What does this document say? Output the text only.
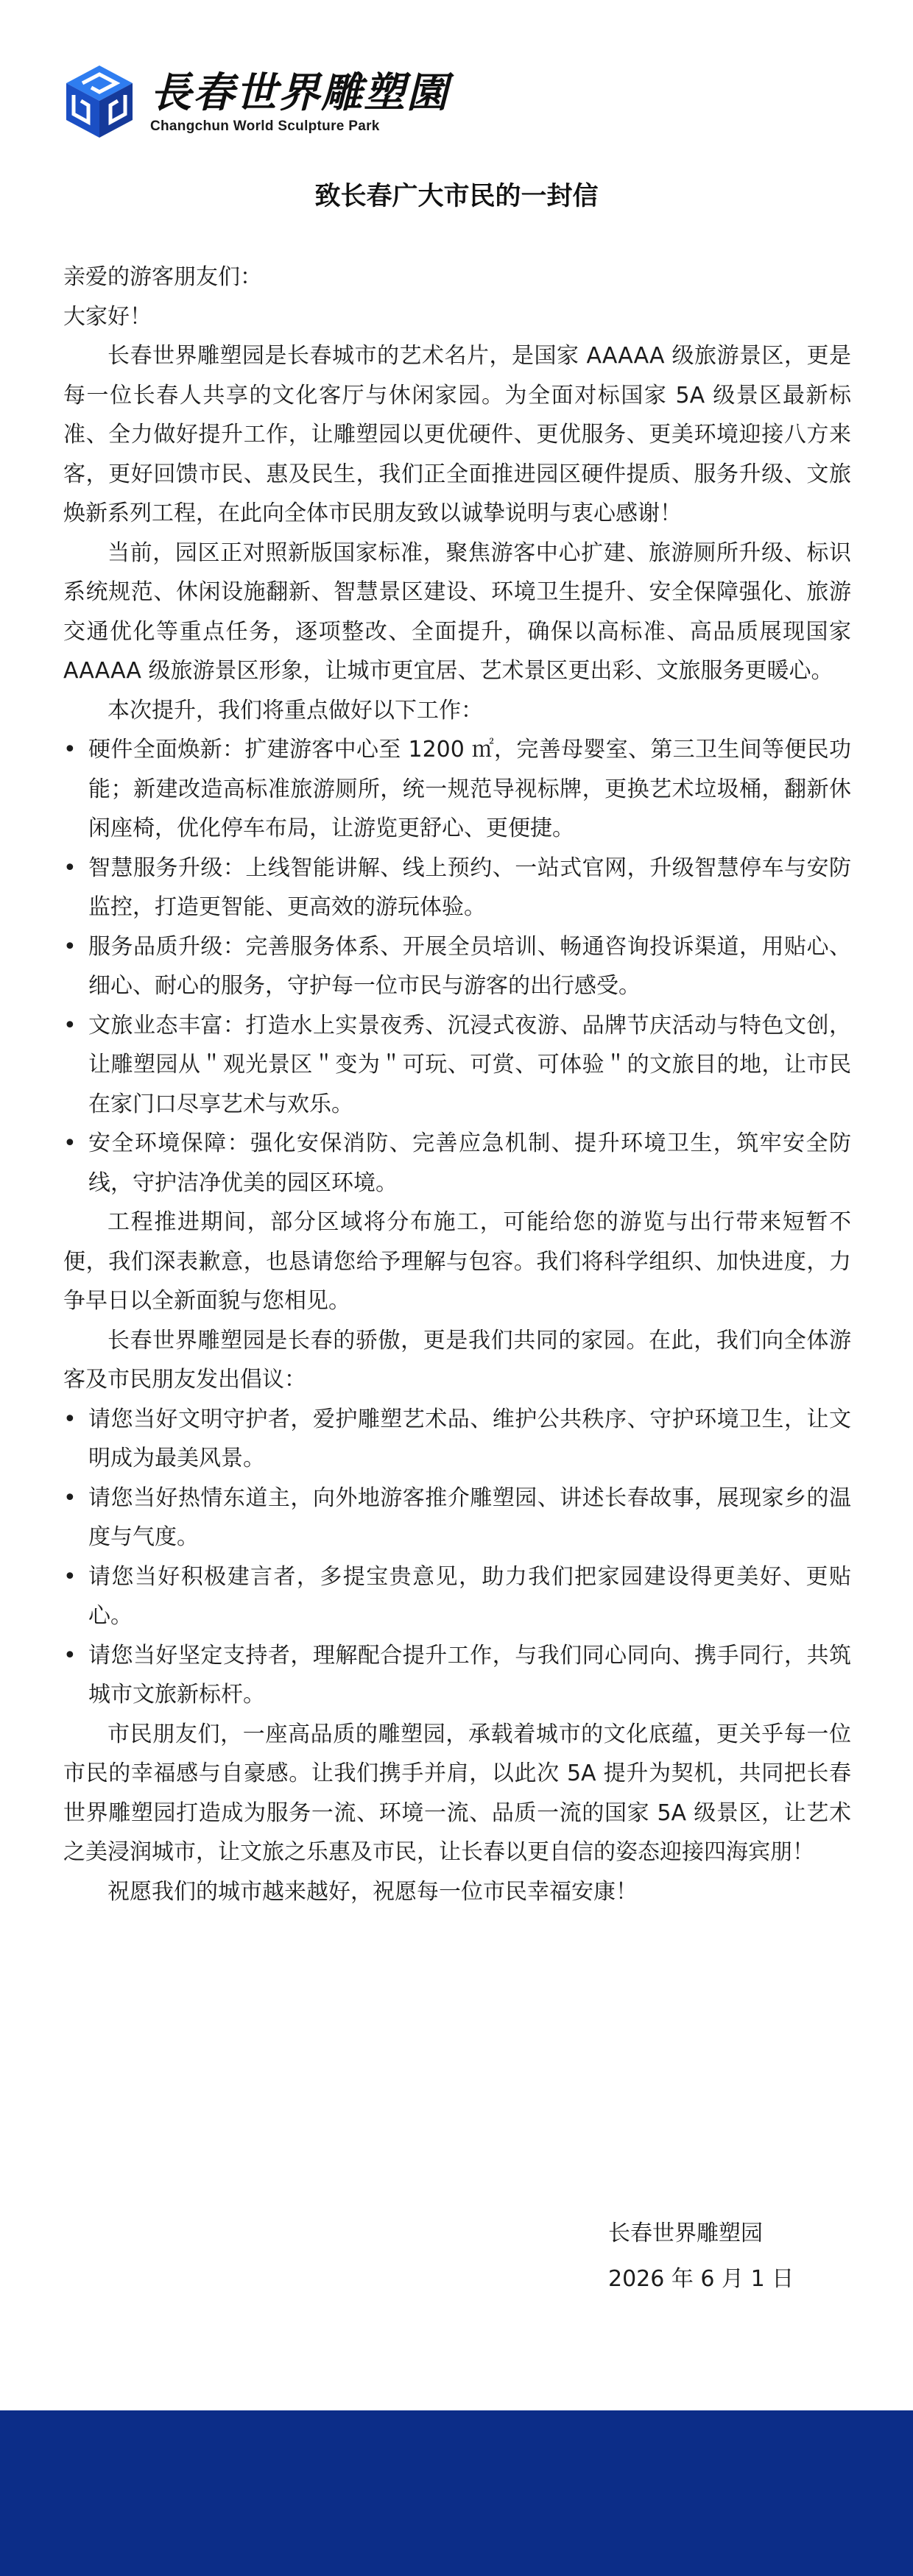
長春世界雕塑園
Changchun World Sculpture Park
致长春广大市民的一封信

亲爱的游客朋友们：

大家好！

长春世界雕塑园是长春城市的艺术名片，是国家 AAAAA 级旅游景区，更是每一位长春人共享的文化客厅与休闲家园。为全面对标国家 5A 级景区最新标准、全力做好提升工作，让雕塑园以更优硬件、更优服务、更美环境迎接八方来客，更好回馈市民、惠及民生，我们正全面推进园区硬件提质、服务升级、文旅焕新系列工程，在此向全体市民朋友致以诚挚说明与衷心感谢！

当前，园区正对照新版国家标准，聚焦游客中心扩建、旅游厕所升级、标识系统规范、休闲设施翻新、智慧景区建设、环境卫生提升、安全保障强化、旅游交通优化等重点任务，逐项整改、全面提升，确保以高标准、高品质展现国家 AAAAA 级旅游景区形象，让城市更宜居、艺术景区更出彩、文旅服务更暖心。

本次提升，我们将重点做好以下工作：

• 硬件全面焕新：扩建游客中心至 1200 ㎡，完善母婴室、第三卫生间等便民功能；新建改造高标准旅游厕所，统一规范导视标牌，更换艺术垃圾桶，翻新休闲座椅，优化停车布局，让游览更舒心、更便捷。

• 智慧服务升级：上线智能讲解、线上预约、一站式官网，升级智慧停车与安防监控，打造更智能、更高效的游玩体验。

• 服务品质升级：完善服务体系、开展全员培训、畅通咨询投诉渠道，用贴心、细心、耐心的服务，守护每一位市民与游客的出行感受。

• 文旅业态丰富：打造水上实景夜秀、沉浸式夜游、品牌节庆活动与特色文创，让雕塑园从＂观光景区＂变为＂可玩、可赏、可体验＂的文旅目的地，让市民在家门口尽享艺术与欢乐。

• 安全环境保障：强化安保消防、完善应急机制、提升环境卫生，筑牢安全防线，守护洁净优美的园区环境。

工程推进期间，部分区域将分布施工，可能给您的游览与出行带来短暂不便，我们深表歉意，也恳请您给予理解与包容。我们将科学组织、加快进度，力争早日以全新面貌与您相见。

长春世界雕塑园是长春的骄傲，更是我们共同的家园。在此，我们向全体游客及市民朋友发出倡议：

• 请您当好文明守护者，爱护雕塑艺术品、维护公共秩序、守护环境卫生，让文明成为最美风景。

• 请您当好热情东道主，向外地游客推介雕塑园、讲述长春故事，展现家乡的温度与气度。

• 请您当好积极建言者，多提宝贵意见，助力我们把家园建设得更美好、更贴心。

• 请您当好坚定支持者，理解配合提升工作，与我们同心同向、携手同行，共筑城市文旅新标杆。

市民朋友们，一座高品质的雕塑园，承载着城市的文化底蕴，更关乎每一位市民的幸福感与自豪感。让我们携手并肩，以此次 5A 提升为契机，共同把长春世界雕塑园打造成为服务一流、环境一流、品质一流的国家 5A 级景区，让艺术之美浸润城市，让文旅之乐惠及市民，让长春以更自信的姿态迎接四海宾朋！

祝愿我们的城市越来越好，祝愿每一位市民幸福安康！

长春世界雕塑园
2026 年 6 月 1 日
